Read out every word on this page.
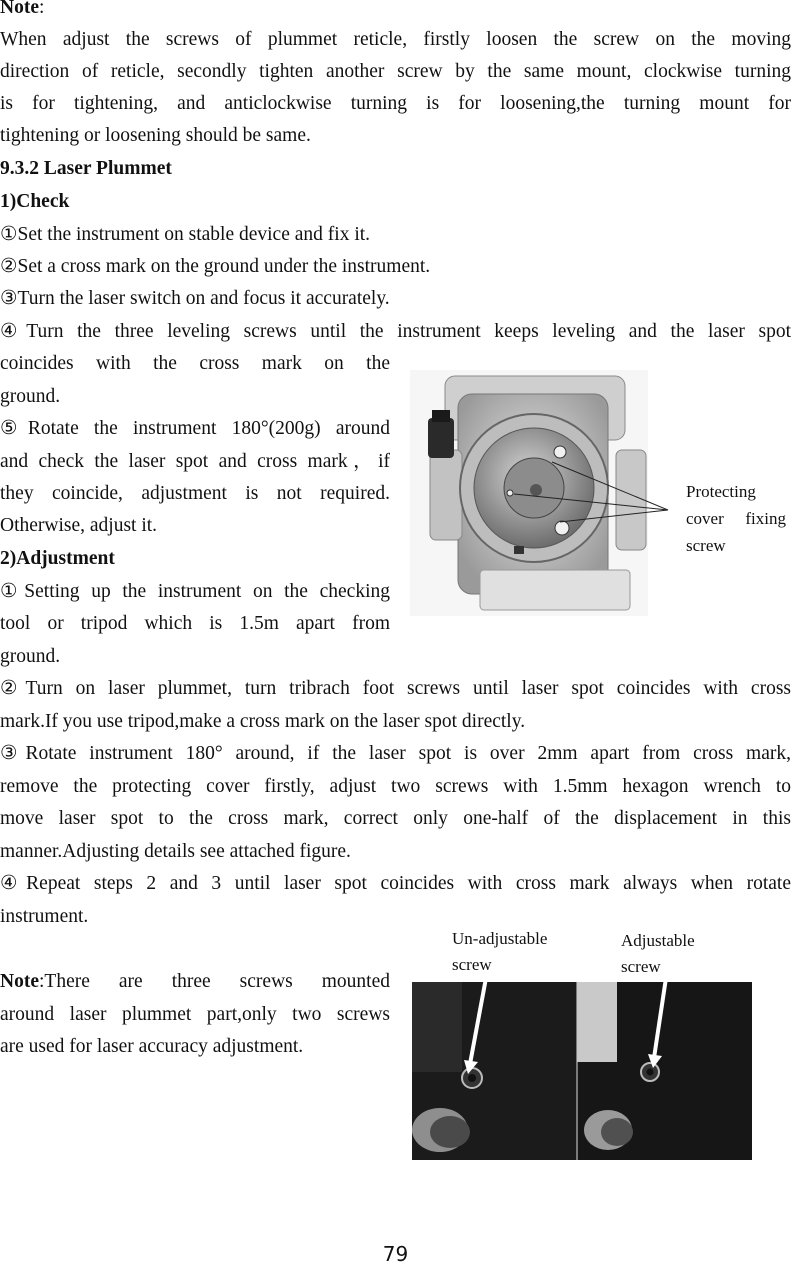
Note:
When adjust the screws of plummet reticle, firstly loosen the screw on the moving
direction of reticle, secondly tighten another screw by the same mount, clockwise turning
is for tightening, and anticlockwise turning is for loosening,the turning mount for
tightening or loosening should be same.
9.3.2 Laser Plummet
1)Check
①Set the instrument on stable device and fix it.
②Set a cross mark on the ground under the instrument.
③Turn the laser switch on and focus it accurately.
④Turn the three leveling screws until the instrument keeps leveling and the laser spot
coincides with the cross mark on the
ground.
⑤Rotate the instrument 180°(200g) around
and check the laser spot and cross mark，if
they coincide, adjustment is not required.
Otherwise, adjust it.
2)Adjustment
①Setting up the instrument on the checking
tool or tripod which is 1.5m apart from
ground.
②Turn on laser plummet, turn tribrach foot screws until laser spot coincides with cross
mark.If you use tripod,make a cross mark on the laser spot directly.
③Rotate instrument 180° around, if the laser spot is over 2mm apart from cross mark,
remove the protecting cover firstly, adjust two screws with 1.5mm hexagon wrench to
move laser spot to the cross mark, correct only one-half of the displacement in this
manner.Adjusting details see attached figure.
④Repeat steps 2 and 3 until laser spot coincides with cross mark always when rotate
instrument.
Note:There are three screws mounted
around laser plummet part,only two screws
are used for laser accuracy adjustment.
Protecting
cover fixing
screw
Un-adjustable
screw
Adjustable
screw
79
